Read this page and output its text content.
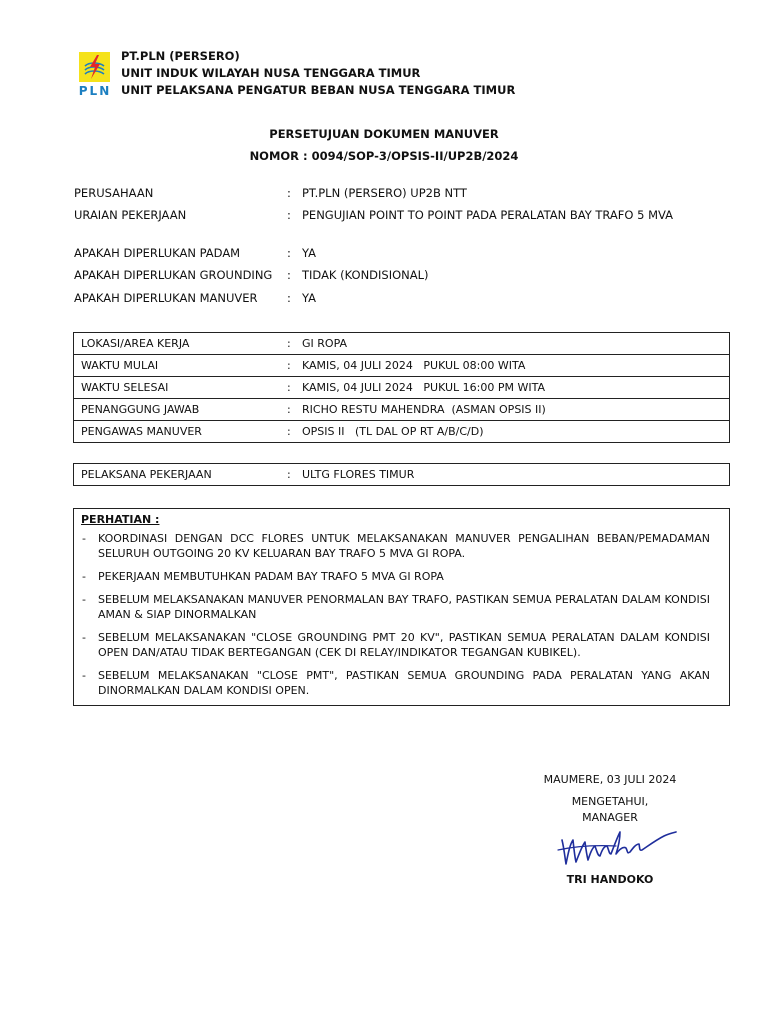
PLN
PT.PLN (PERSERO)
UNIT INDUK WILAYAH NUSA TENGGARA TIMUR
UNIT PELAKSANA PENGATUR BEBAN NUSA TENGGARA TIMUR
PERSETUJUAN DOKUMEN MANUVER
NOMOR : 0094/SOP-3/OPSIS-II/UP2B/2024
PERUSAHAAN	: PT.PLN (PERSERO) UP2B NTT
URAIAN PEKERJAAN	: PENGUJIAN POINT TO POINT PADA PERALATAN BAY TRAFO 5 MVA
APAKAH DIPERLUKAN PADAM	: YA
APAKAH DIPERLUKAN GROUNDING : TIDAK (KONDISIONAL)
APAKAH DIPERLUKAN MANUVER	: YA
LOKASI/AREA KERJA	: GI ROPA
WAKTU MULAI	: KAMIS, 04 JULI 2024   PUKUL 08:00 WITA
WAKTU SELESAI	: KAMIS, 04 JULI 2024   PUKUL 16:00 PM WITA
PENANGGUNG JAWAB	: RICHO RESTU MAHENDRA  (ASMAN OPSIS II)
PENGAWAS MANUVER	: OPSIS II   (TL DAL OP RT A/B/C/D)
PELAKSANA PEKERJAAN	: ULTG FLORES TIMUR
PERHATIAN :
- KOORDINASI DENGAN DCC FLORES UNTUK MELAKSANAKAN MANUVER PENGALIHAN BEBAN/PEMADAMAN SELURUH OUTGOING 20 KV KELUARAN BAY TRAFO 5 MVA GI ROPA.
- PEKERJAAN MEMBUTUHKAN PADAM BAY TRAFO 5 MVA GI ROPA
- SEBELUM MELAKSANAKAN MANUVER PENORMALAN BAY TRAFO, PASTIKAN SEMUA PERALATAN DALAM KONDISI AMAN & SIAP DINORMALKAN
- SEBELUM MELAKSANAKAN "CLOSE GROUNDING PMT 20 KV", PASTIKAN SEMUA PERALATAN DALAM KONDISI OPEN DAN/ATAU TIDAK BERTEGANGAN (CEK DI RELAY/INDIKATOR TEGANGAN KUBIKEL).
- SEBELUM MELAKSANAKAN "CLOSE PMT", PASTIKAN SEMUA GROUNDING PADA PERALATAN YANG AKAN DINORMALKAN DALAM KONDISI OPEN.
MAUMERE, 03 JULI 2024
MENGETAHUI,
MANAGER
TRI HANDOKO
